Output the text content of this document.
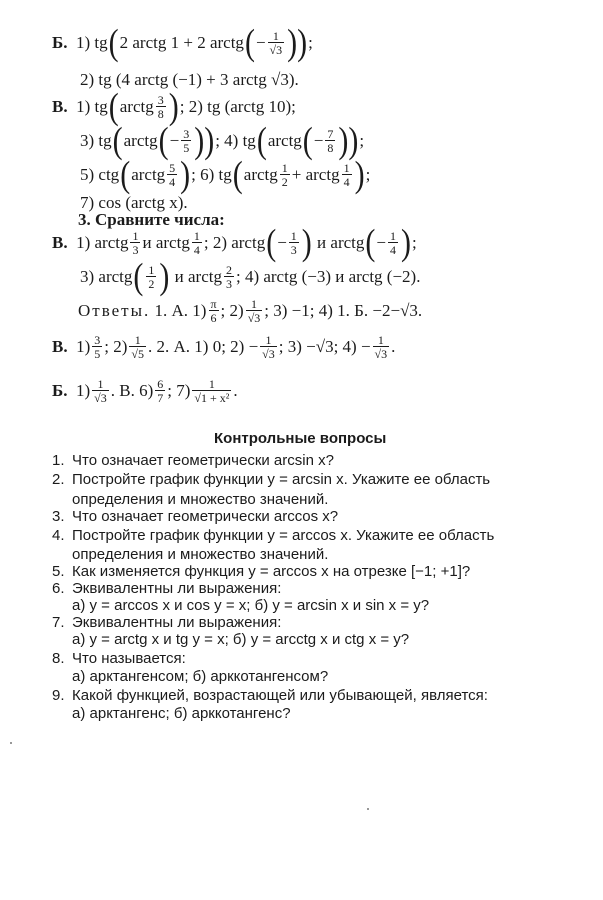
Б.
1) tg ( 2 arctg 1 + 2 arctg ( − 1
√3 )) ;
2) tg (4 arctg (−1) + 3 arctg √3).
В.
1) tg ( arctg 3
8 ) ; 2) tg (arctg 10);
3) tg ( arctg ( − 3
5 )) ; 4) tg ( arctg ( − 7
8 )) ;
5) ctg ( arctg 5
4 ) ; 6) tg ( arctg 1
2 + arctg 1
4 ) ;
7) cos (arctg x).
3. Сравните числа:
В.
1) arctg 1
3 и arctg 1
4 ; 2) arctg ( − 1
3 ) и arctg ( − 1
4 ) ;
3) arctg ( 1
2 ) и arctg 2
3 ; 4) arctg (−3) и arctg (−2).
Ответы.
1. А. 1) π
6 ; 2) 1
√3 ; 3) −1; 4) 1. Б. −2−√3.
В.
1) 3
5 ; 2) 1
√5 . 2. А. 1) 0; $2) - \frac{1}{√3}$ ; 3) −√3; $4) - \frac{1}{√3}$ .
Б.
1) 1
√3 . В. 6) 6
7 ; 7) 1
√1 + x² .
Контрольные вопросы
1. Что означает геометрически arcsin x?
2. Постройте график функции y = arcsin x. Укажите ее область
определения и множество значений.
3. Что означает геометрически arccos x?
4. Постройте график функции y = arccos x. Укажите ее область
определения и множество значений.
5. Как изменяется функция y = arccos x на отрезке [−1; +1]?
6. Эквивалентны ли выражения:
а) y = arccos x и cos y = x; б) y = arcsin x и sin x = y?
7. Эквивалентны ли выражения:
а) y = arctg x и tg y = x; б) y = arcctg x и ctg x = y?
8. Что называется:
а) арктангенсом; б) арккотангенсом?
9. Какой функцией, возрастающей или убывающей, является:
а) арктангенс; б) арккотангенс?
